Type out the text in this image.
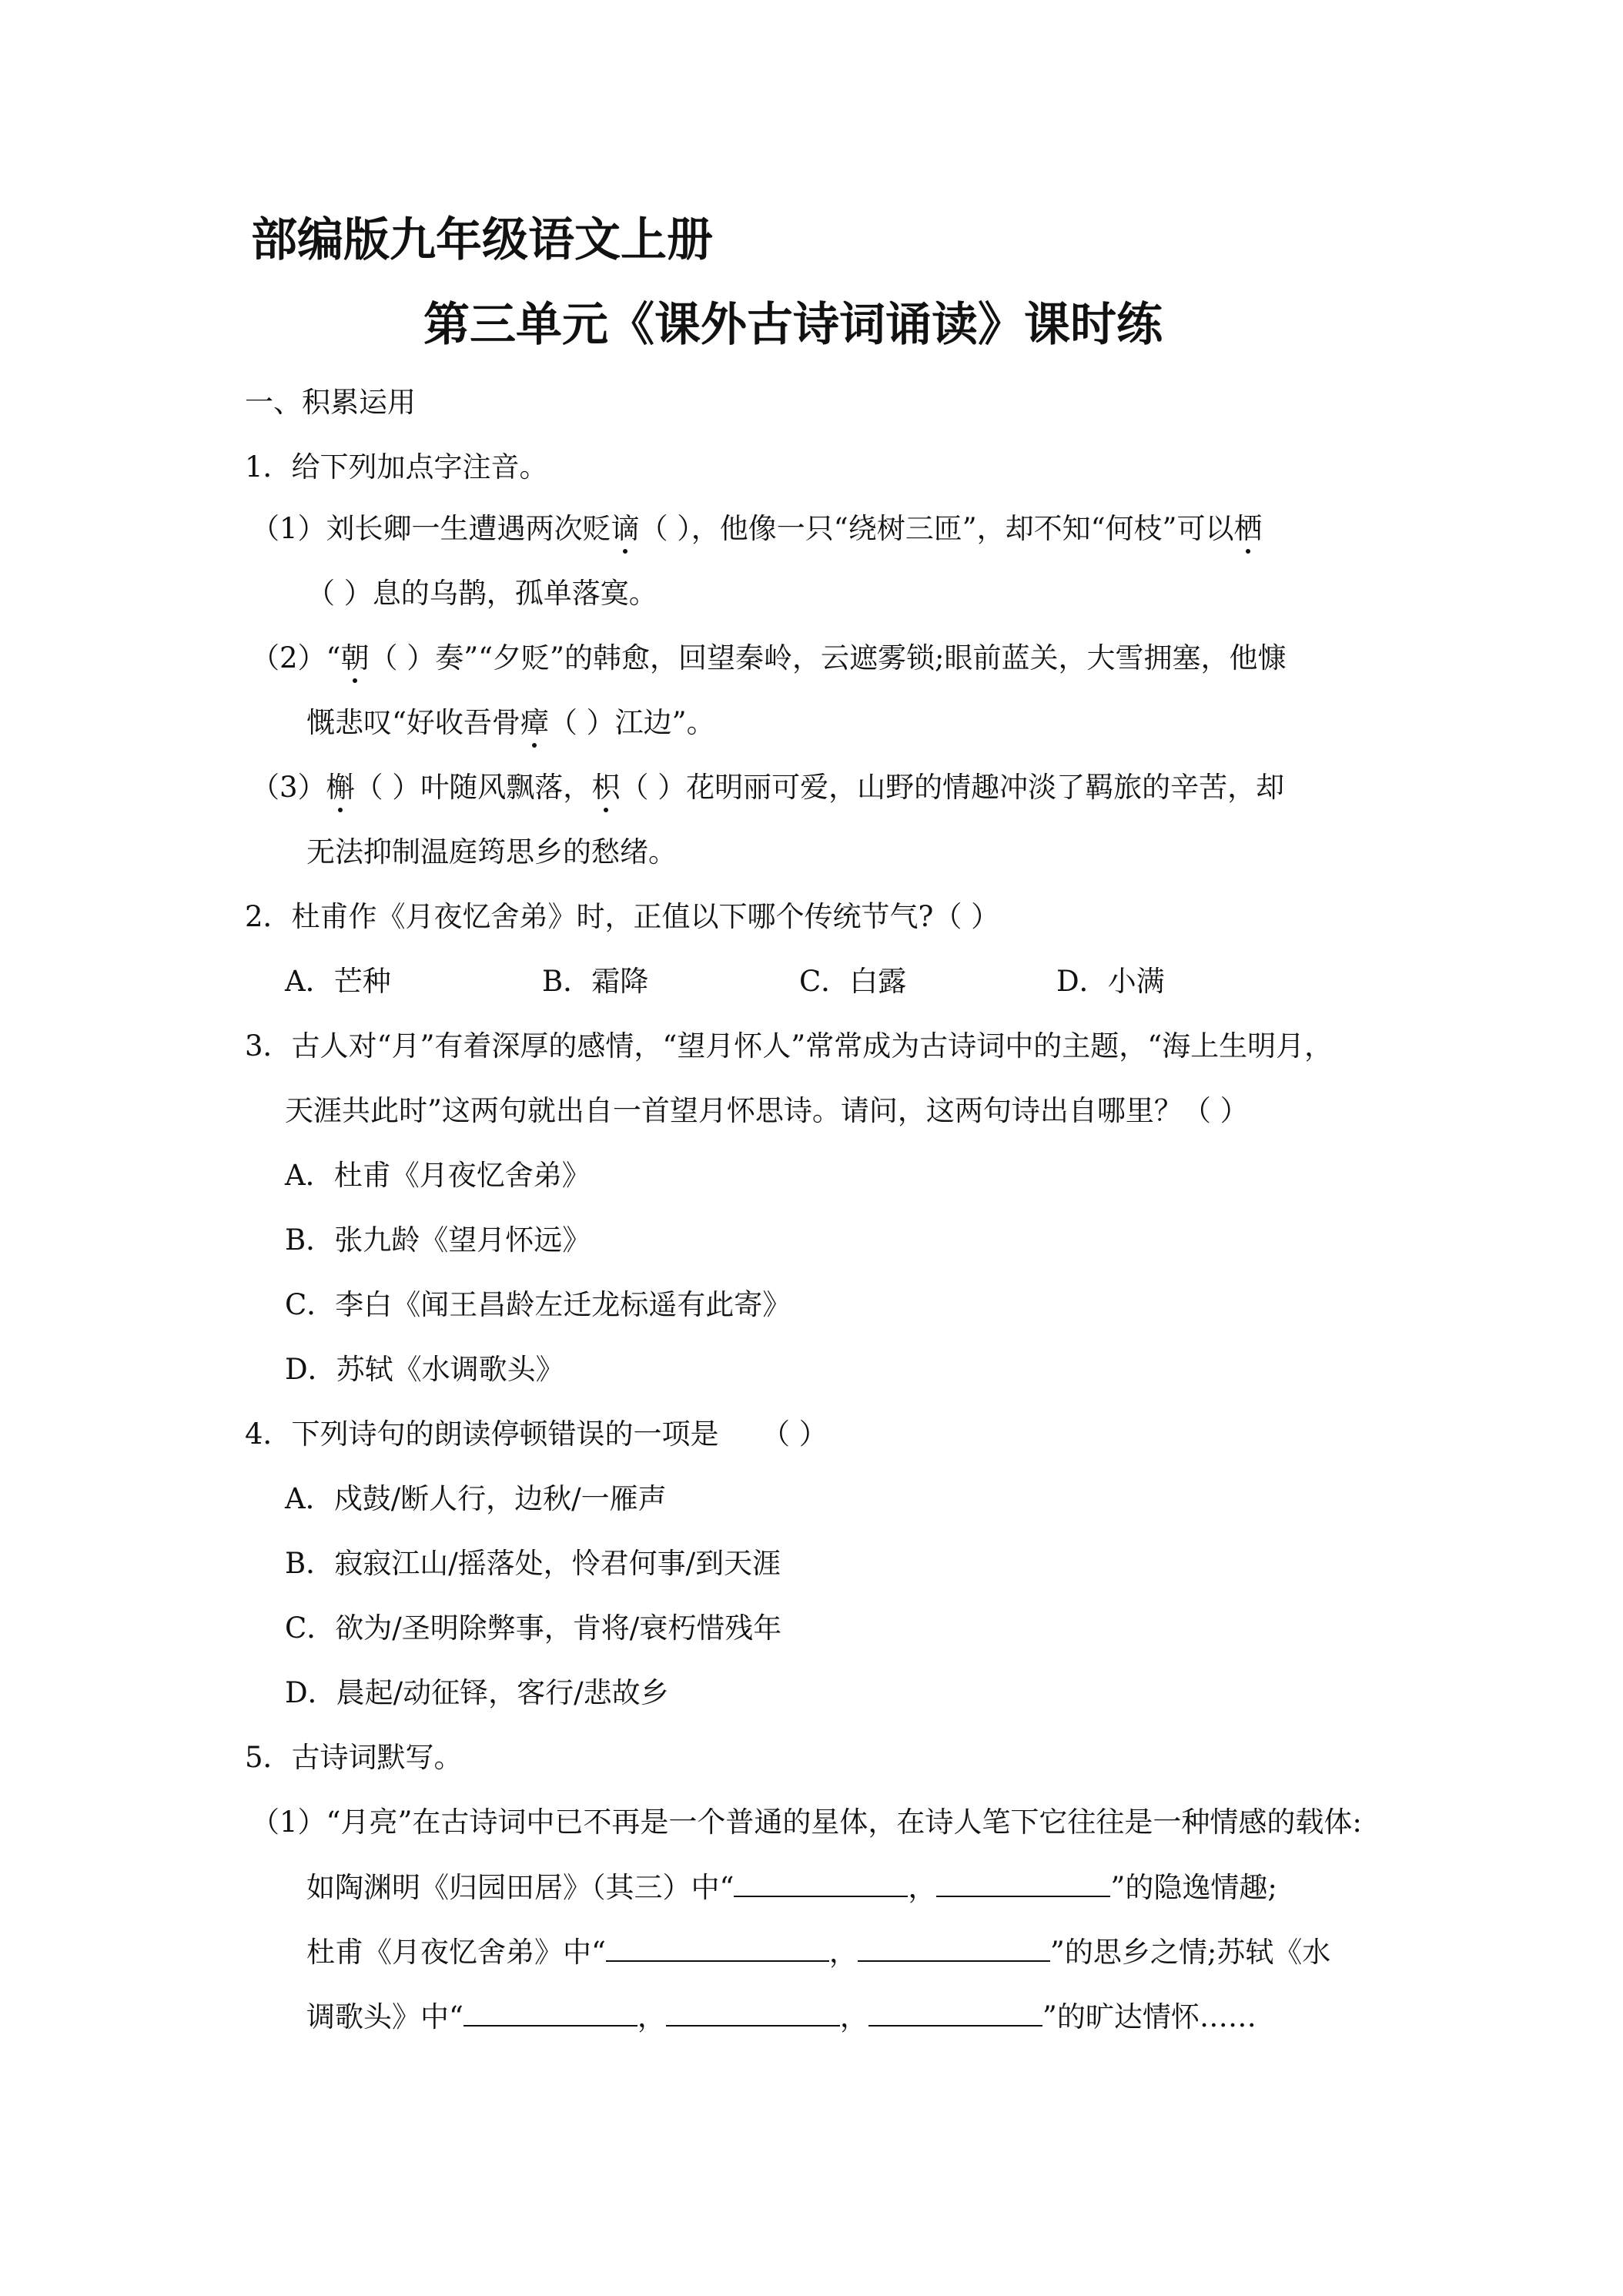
部编版九年级语文上册
第三单元《课外古诗词诵读》课时练
一、积累运用
1．给下列加点字注音。
（1）刘长卿一生遭遇两次贬谪（ ），他像一只“绕树三匝”，却不知“何枝”可以栖
（ ）息的乌鹊，孤单落寞。
（2）“朝（ ）奏”“夕贬”的韩愈，回望秦岭，云遮雾锁;眼前蓝关，大雪拥塞，他慷
慨悲叹“好收吾骨瘴（ ）江边”。
（3）槲（ ）叶随风飘落，枳（ ）花明丽可爱，山野的情趣冲淡了羁旅的辛苦，却
无法抑制温庭筠思乡的愁绪。
2．杜甫作《月夜忆舍弟》时，正值以下哪个传统节气?（ ）
A．芒种	B．霜降	C．白露	D．小满
3．古人对“月”有着深厚的感情，“望月怀人”常常成为古诗词中的主题，“海上生明月，
天涯共此时”这两句就出自一首望月怀思诗。请问，这两句诗出自哪里？（ ）
A．杜甫《月夜忆舍弟》
B．张九龄《望月怀远》
C．李白《闻王昌龄左迁龙标遥有此寄》
D．苏轼《水调歌头》
4．下列诗句的朗读停顿错误的一项是　　（ ）
A．戍鼓/断人行，边秋/一雁声
B．寂寂江山/摇落处，怜君何事/到天涯
C．欲为/圣明除弊事，肯将/衰朽惜残年
D．晨起/动征铎，客行/悲故乡
5．古诗词默写。
（1）“月亮”在古诗词中已不再是一个普通的星体，在诗人笔下它往往是一种情感的载体:
如陶渊明《归园田居》（其三）中“	，	”的隐逸情趣;
杜甫《月夜忆舍弟》中“	，	”的思乡之情;苏轼《水
调歌头》中“	，	，	”的旷达情怀……
